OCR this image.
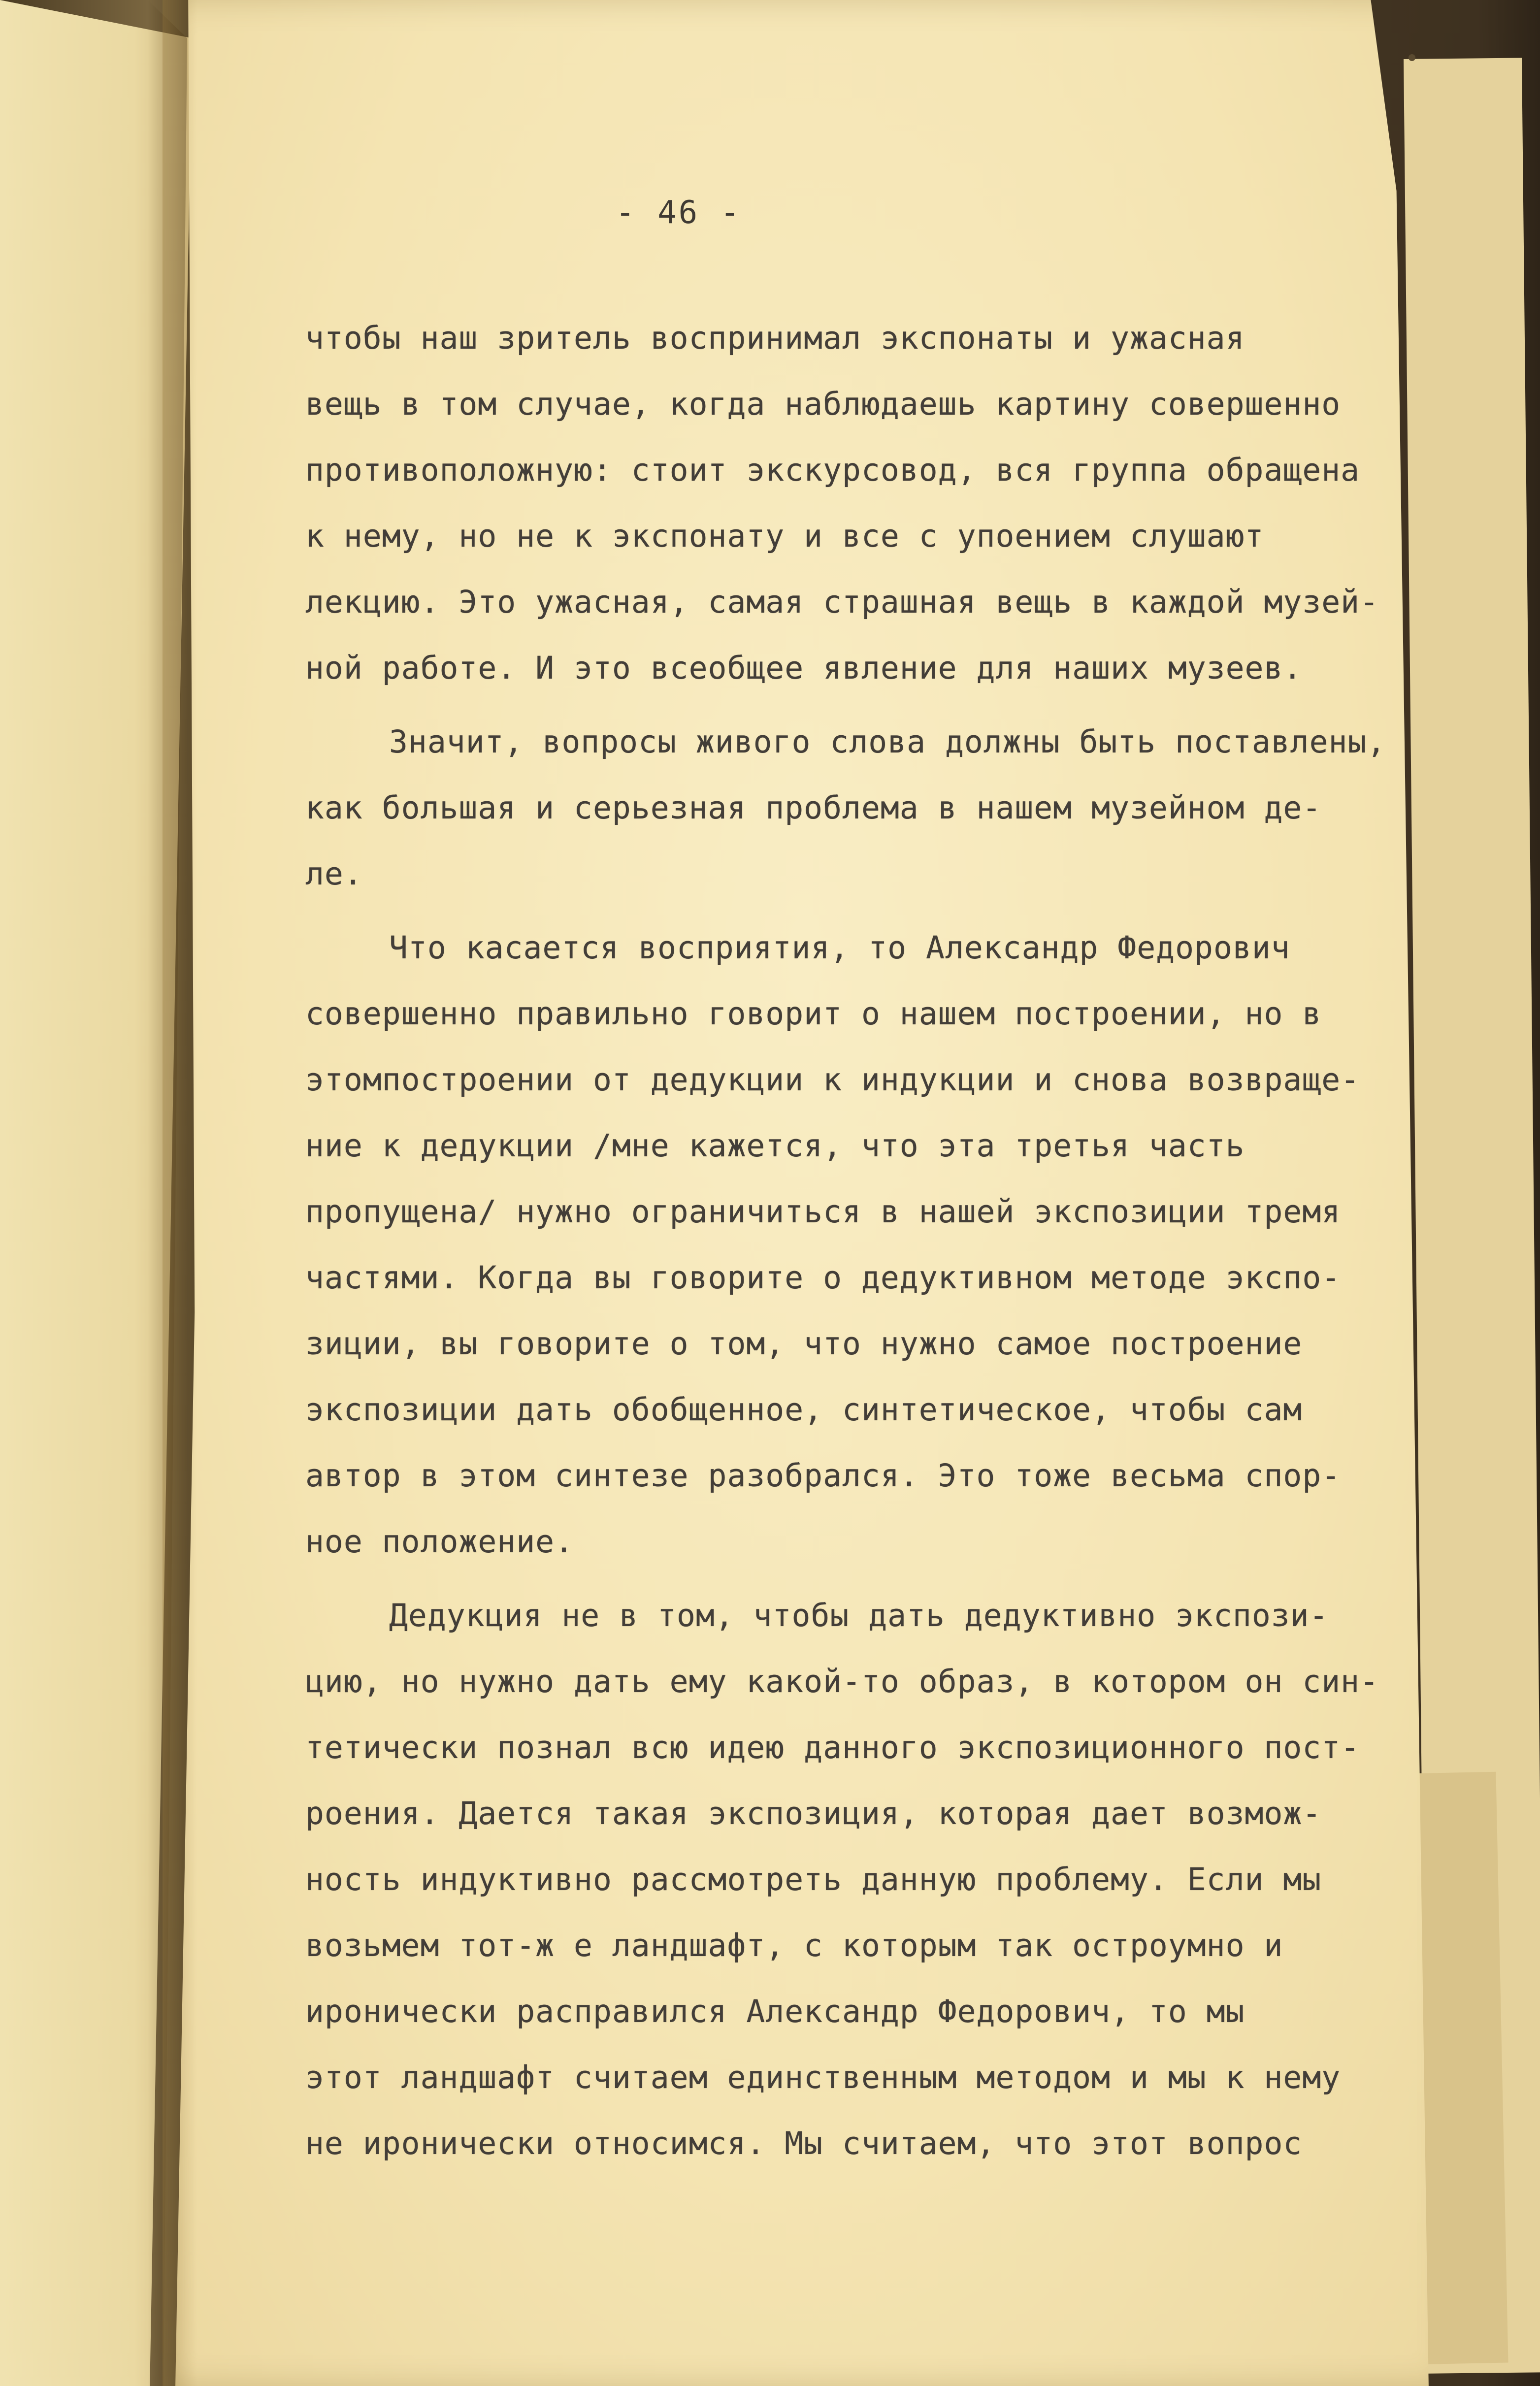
- 46 -
чтобы наш зритель воспринимал экспонаты и ужасная
вещь в том случае, когда наблюдаешь картину совершенно
противоположную: стоит экскурсовод, вся группа обращена
к нему, но не к экспонату и все с упоением слушают
лекцию. Это ужасная, самая страшная вещь в каждой музей-
ной работе. И это всеобщее явление для наших музеев.
Значит, вопросы живого слова должны быть поставлены,
как большая и серьезная проблема в нашем музейном де-
ле.
Что касается восприятия, то Александр Федорович
совершенно правильно говорит о нашем построении, но в
этомпостроении от дедукции к индукции и снова возвраще-
ние к дедукции /мне кажется, что эта третья часть
пропущена/ нужно ограничиться в нашей экспозиции тремя
частями. Когда вы говорите о дедуктивном методе экспо-
зиции, вы говорите о том, что нужно самое построение
экспозиции дать обобщенное, синтетическое, чтобы сам
автор в этом синтезе разобрался. Это тоже весьма спор-
ное положение.
Дедукция не в том, чтобы дать дедуктивно экспози-
цию, но нужно дать ему какой-то образ, в котором он син-
тетически познал всю идею данного экспозиционного пост-
роения. Дается такая экспозиция, которая дает возмож-
ность индуктивно рассмотреть данную проблему. Если мы
возьмем тот-ж е ландшафт, с которым так остроумно и
иронически расправился Александр Федорович, то мы
этот ландшафт считаем единственным методом и мы к нему
не иронически относимся. Мы считаем, что этот вопрос
